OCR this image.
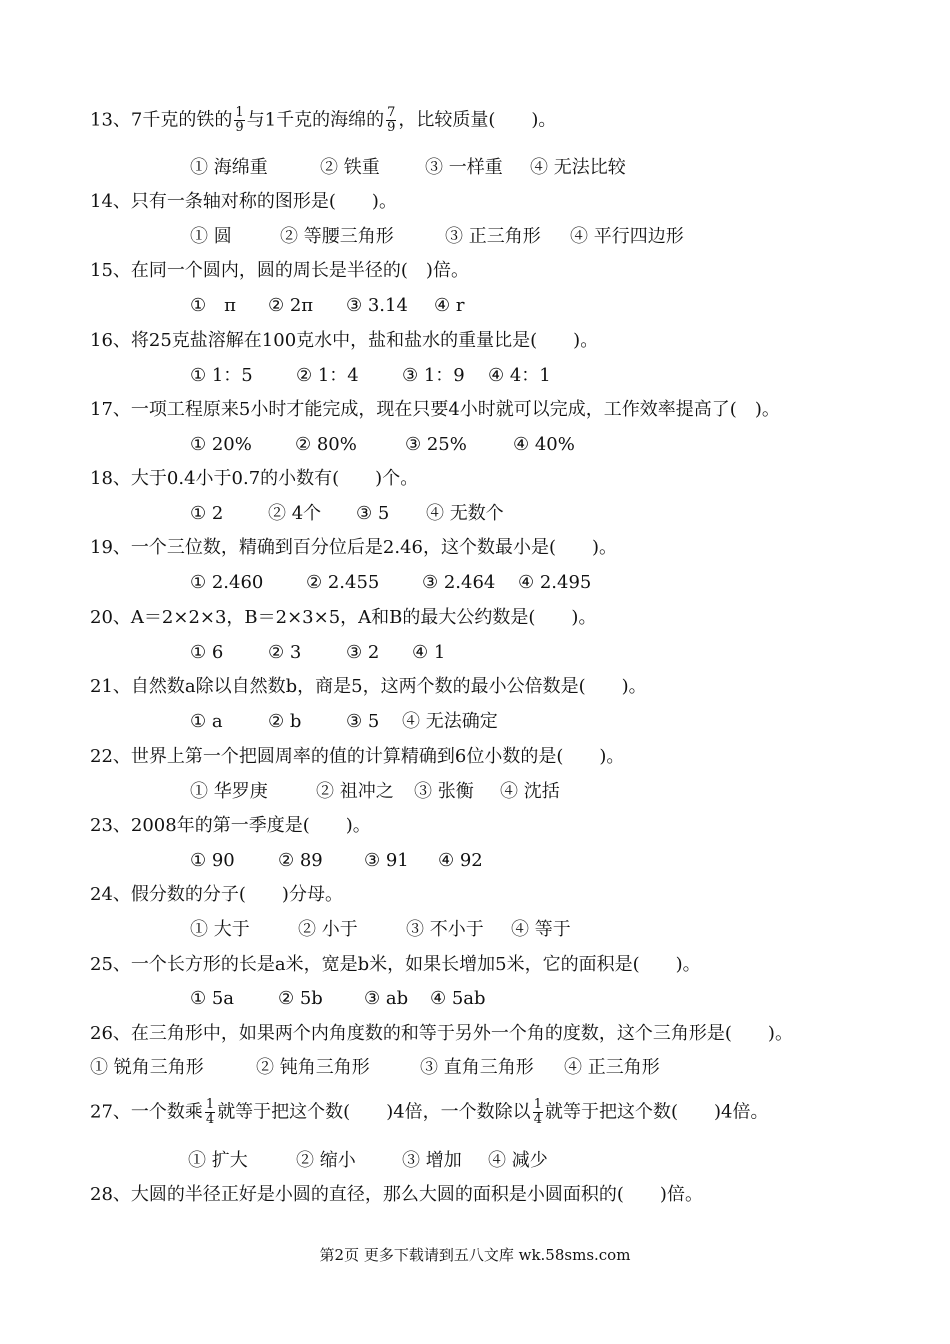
13、7千克的铁的 $\frac{1}{9}$ 与1千克的海绵的 $\frac{7}{9}$ ，比较质量(　　)。
① 海绵重	② 铁重	③ 一样重 ④ 无法比较
14、只有一条轴对称的图形是(　　)。
① 圆	② 等腰三角形	③ 正三角形 ④ 平行四边形
15、在同一个圆内，圆的周长是半径的(　)倍。
①　π ② 2π ③ 3.14 ④ r
16、将25克盐溶解在100克水中，盐和盐水的重量比是(　　)。
① 1：5 ② 1：4 ③ 1：9 ④ 4：1
17、一项工程原来5小时才能完成，现在只要4小时就可以完成，工作效率提高了(　)。
① 20% ② 80%	③ 25%	④ 40%
18、大于0.4小于0.7的小数有(　　)个。
① 2 ② 4个 ③ 5 ④ 无数个
19、一个三位数，精确到百分位后是2.46，这个数最小是(　　)。
① 2.460 ② 2.455 ③ 2.464 ④ 2.495
20、A＝2×2×3，B＝2×3×5，A和B的最大公约数是(　　)。
① 6 ② 3 ③ 2 ④ 1
21、自然数a除以自然数b，商是5，这两个数的最小公倍数是(　　)。
① a	② b ③ 5 ④ 无法确定
22、世界上第一个把圆周率的值的计算精确到6位小数的是(　　)。
① 华罗庚	② 祖冲之 ③ 张衡 ④ 沈括
23、2008年的第一季度是(　　)。
① 90 ② 89 ③ 91 ④ 92
24、假分数的分子(　　)分母。
① 大于	② 小于	③ 不小于 ④ 等于
25、一个长方形的长是a米，宽是b米，如果长增加5米，它的面积是(　　)。
① 5a ② 5b ③ ab ④ 5ab
26、在三角形中，如果两个内角度数的和等于另外一个角的度数，这个三角形是(　　)。
① 锐角三角形	② 钝角三角形	③ 直角三角形 ④ 正三角形
27、一个数乘 $\frac{1}{4}$ 就等于把这个数(　　)4倍，一个数除以 $\frac{1}{4}$ 就等于把这个数(　　)4倍。
① 扩大	② 缩小	③ 增加 ④ 减少
28、大圆的半径正好是小圆的直径，那么大圆的面积是小圆面积的(　　)倍。
第2页 更多下载请到五八文库 wk.58sms.com
